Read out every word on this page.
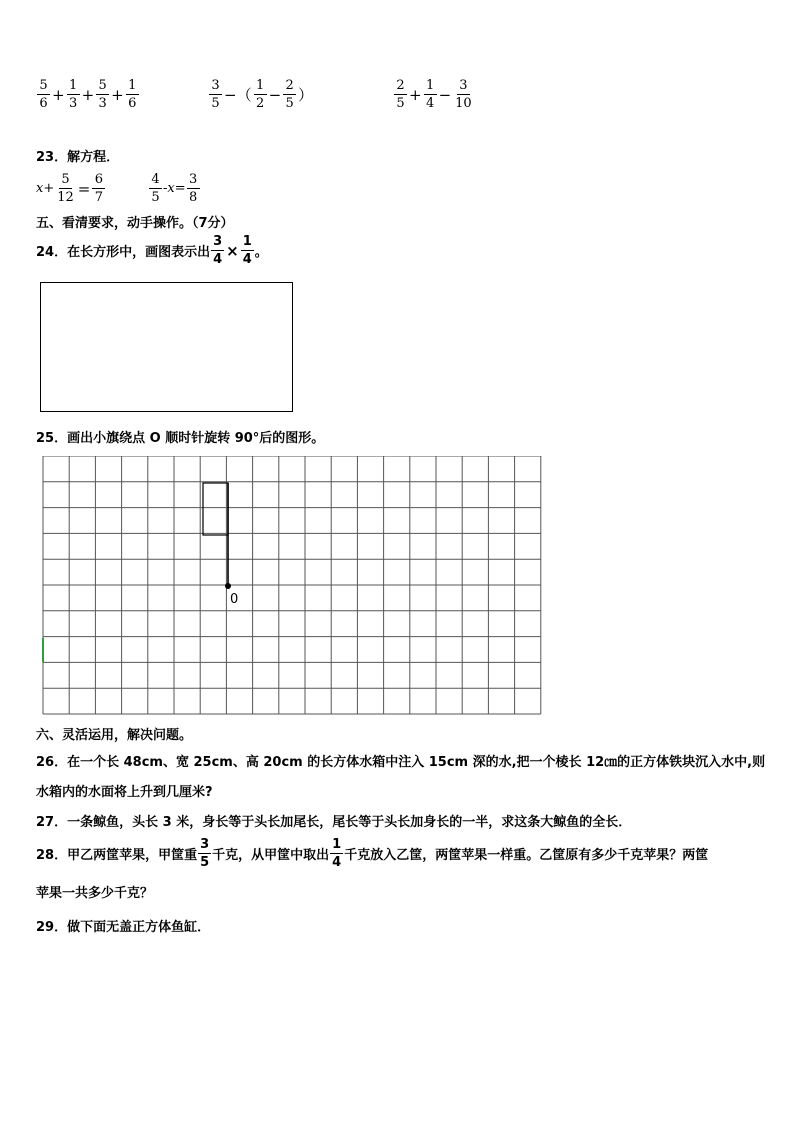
$\frac{5}{6} + \frac{1}{3} + \frac{5}{3} + \frac{1}{6}$	$\frac{3}{5}$ −（ $\frac{1}{2} - \frac{2}{5}$ ）	$\frac{2}{5} + \frac{1}{4} - \frac{3}{10}$
23．解方程．
$x+ \frac{5}{12} = \frac{6}{7}$	$\frac{4}{5} -x= \frac{3}{8}$
五、看清要求，动手操作。（7分）
24．在长方形中，画图表示出 $\frac{3}{4} \times \frac{1}{4}$ 。
25．画出小旗绕点 O 顺时针旋转 90°后的图形。
0
六、灵活运用，解决问题。
26．在一个长 48cm、宽 25cm、高 20cm 的长方体水箱中注入 15cm 深的水,把一个棱长 12㎝的正方体铁块沉入水中,则
水箱内的水面将上升到几厘米?
27．一条鲸鱼，头长 3 米，身长等于头长加尾长，尾长等于头长加身长的一半，求这条大鲸鱼的全长．
28．甲乙两筐苹果，甲筐重 $\frac{3}{5}$ 千克，从甲筐中取出 $\frac{1}{4}$ 千克放入乙筐，两筐苹果一样重。乙筐原有多少千克苹果？两筐
苹果一共多少千克？
29．做下面无盖正方体鱼缸．
